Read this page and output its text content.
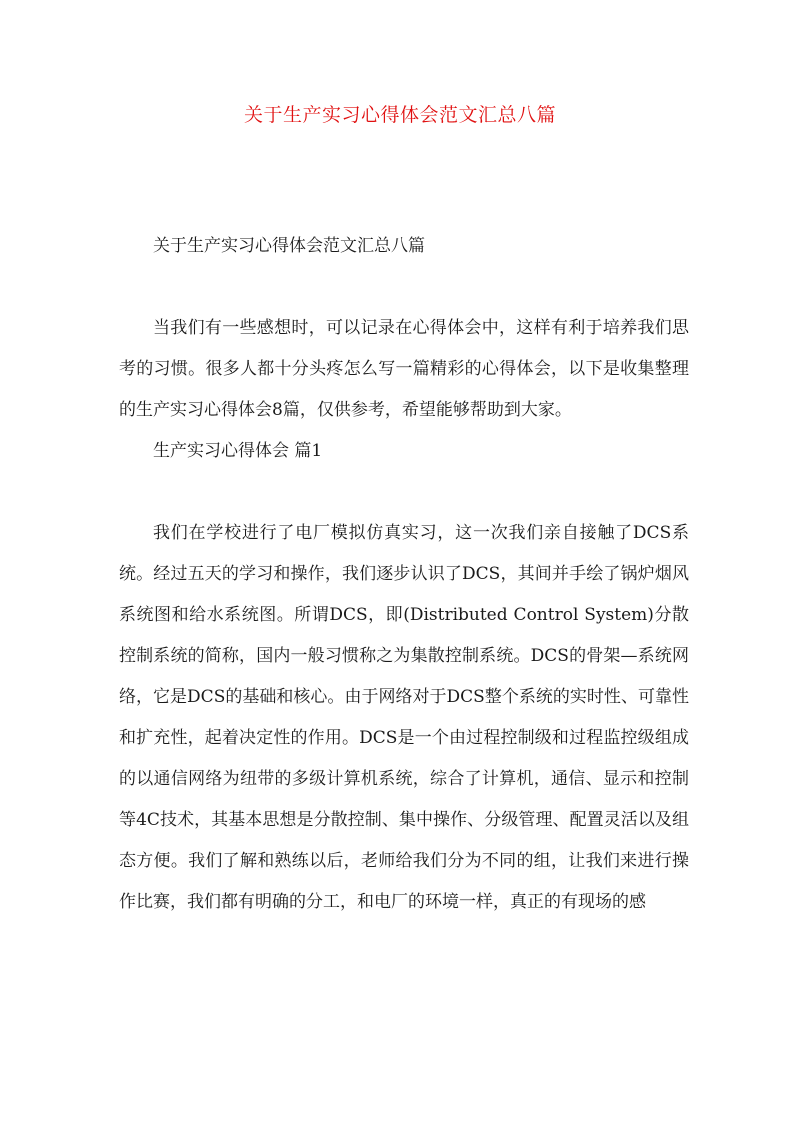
关于生产实习心得体会范文汇总八篇

关于生产实习心得体会范文汇总八篇

当我们有一些感想时，可以记录在心得体会中，这样有利于培养我们思考的习惯。很多人都十分头疼怎么写一篇精彩的心得体会，以下是收集整理的生产实习心得体会8篇，仅供参考，希望能够帮助到大家。

生产实习心得体会 篇1

我们在学校进行了电厂模拟仿真实习，这一次我们亲自接触了DCS系统。经过五天的学习和操作，我们逐步认识了DCS，其间并手绘了锅炉烟风系统图和给水系统图。所谓DCS，即(Distributed Control System)分散控制系统的简称，国内一般习惯称之为集散控制系统。DCS的骨架—系统网络，它是DCS的基础和核心。由于网络对于DCS整个系统的实时性、可靠性和扩充性，起着决定性的作用。DCS是一个由过程控制级和过程监控级组成的以通信网络为纽带的多级计算机系统，综合了计算机，通信、显示和控制等4C技术，其基本思想是分散控制、集中操作、分级管理、配置灵活以及组态方便。我们了解和熟练以后，老师给我们分为不同的组，让我们来进行操作比赛，我们都有明确的分工，和电厂的环境一样，真正的有现场的感
